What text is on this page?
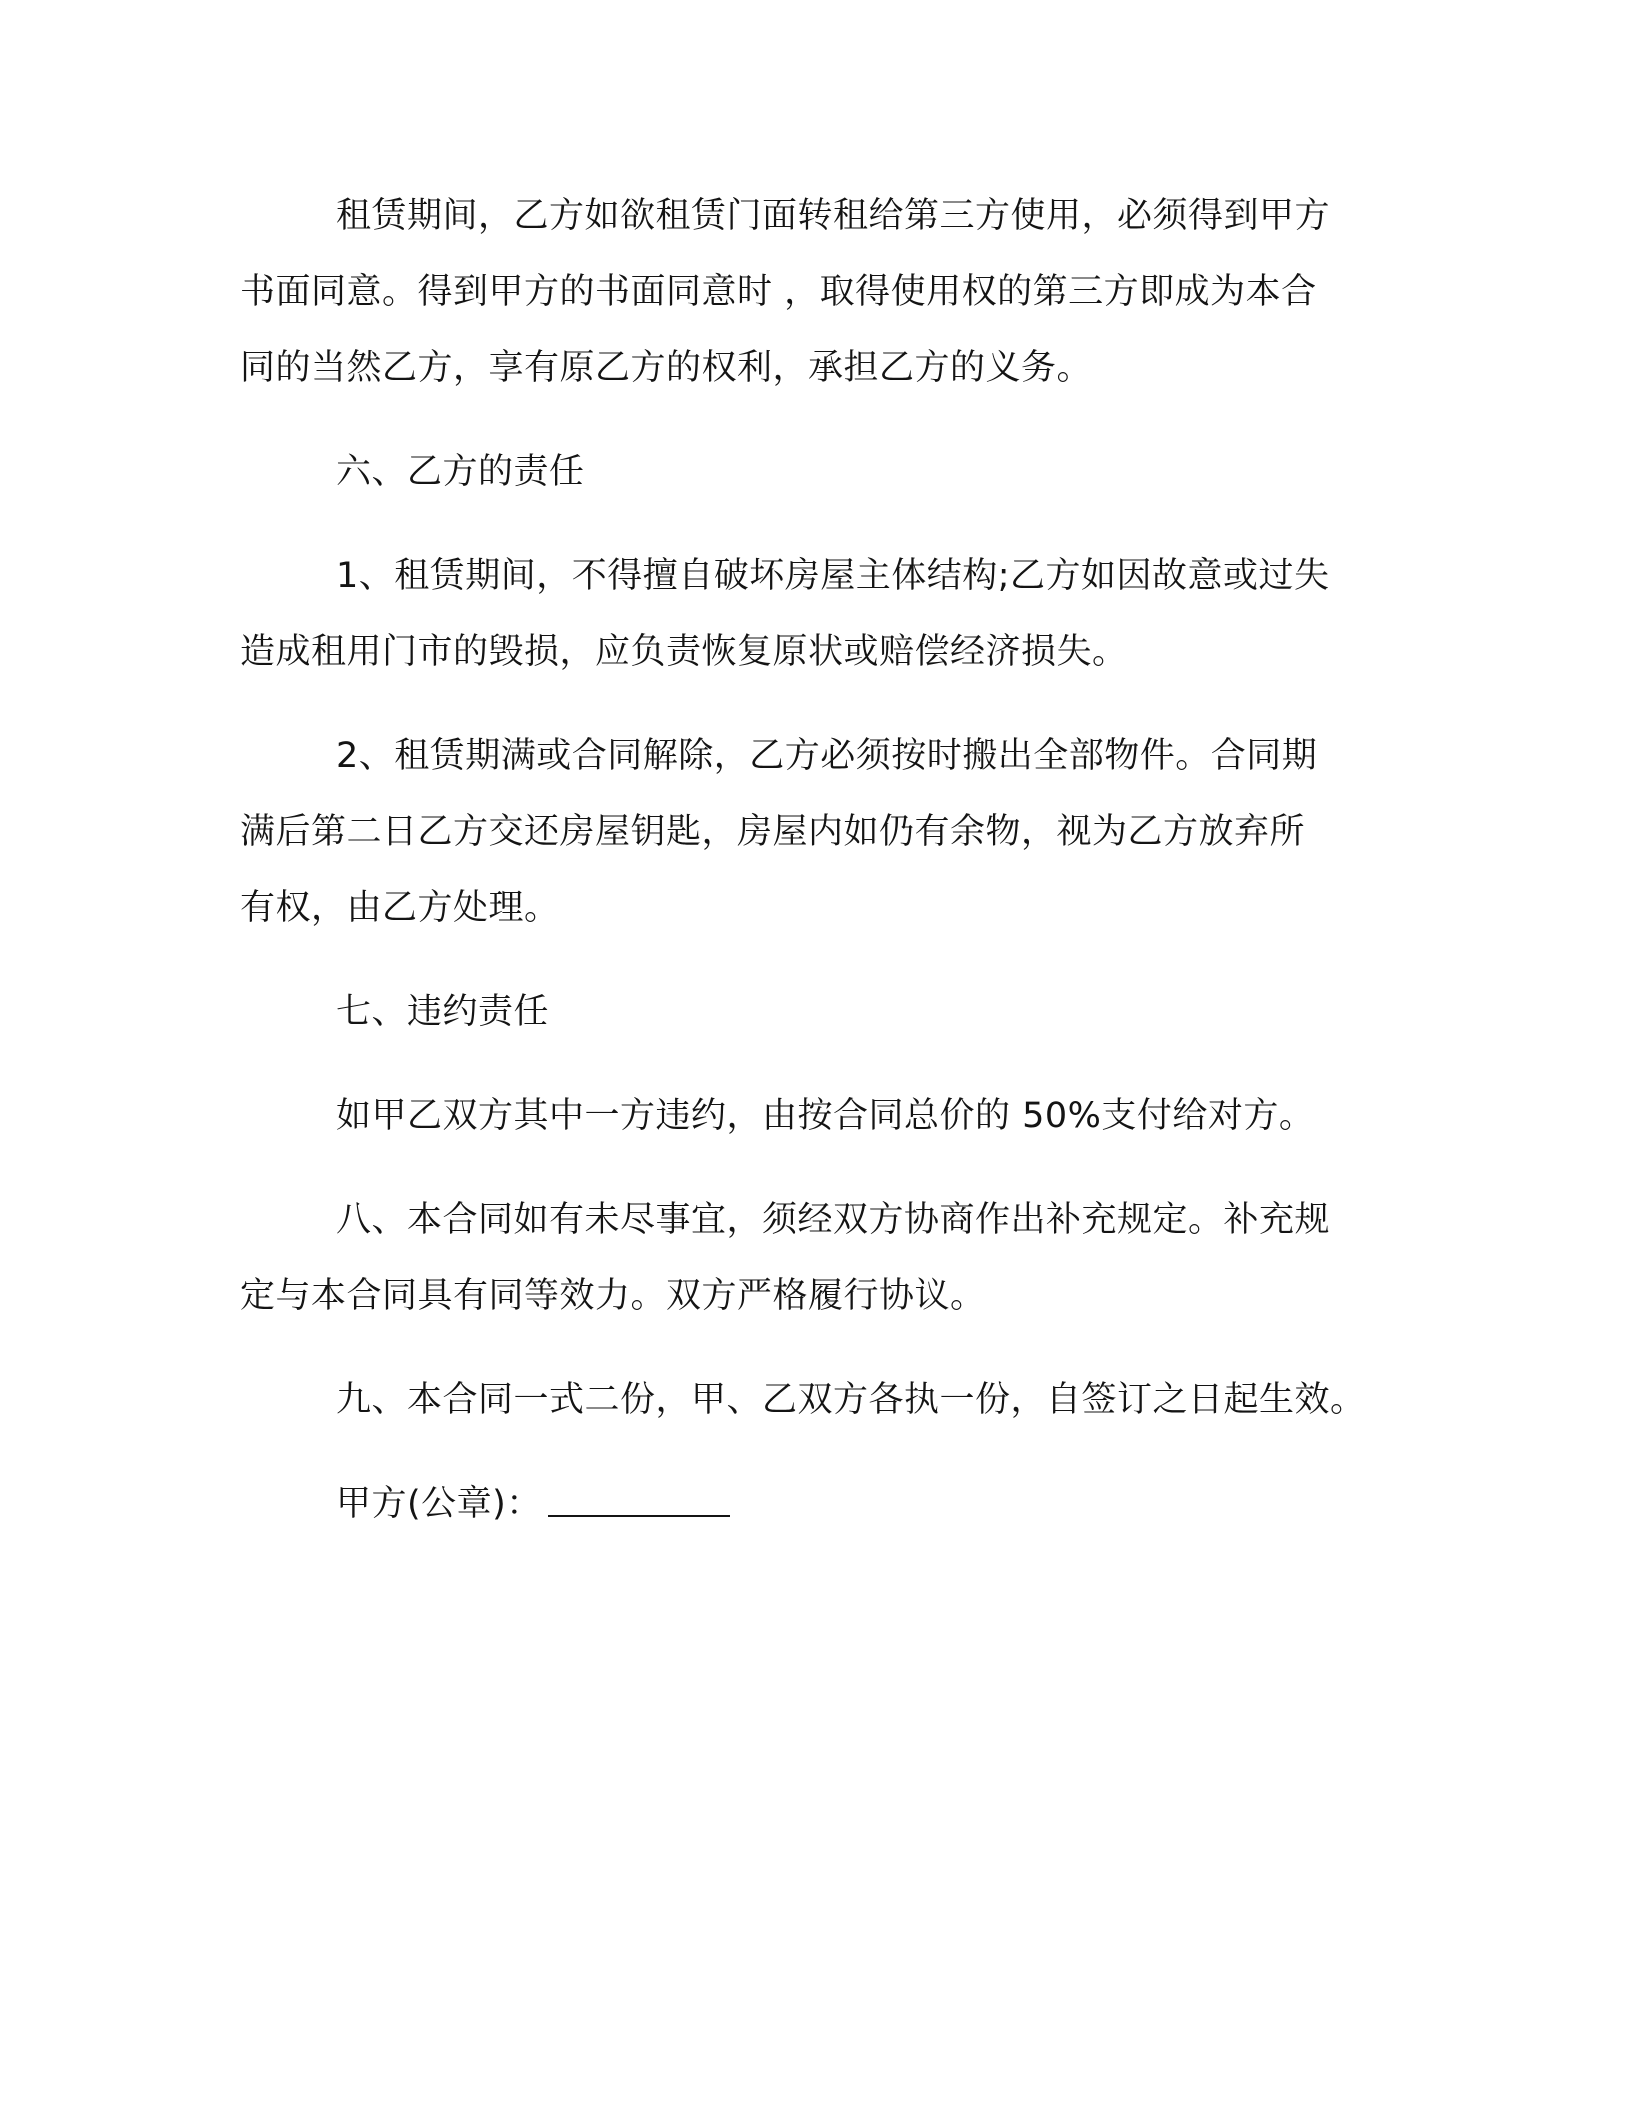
租赁期间，乙方如欲租赁门面转租给第三方使用，必须得到甲方
书面同意。得到甲方的书面同意时 ，取得使用权的第三方即成为本合
同的当然乙方，享有原乙方的权利，承担乙方的义务。
六、乙方的责任
1、租赁期间，不得擅自破坏房屋主体结构;乙方如因故意或过失
造成租用门市的毁损，应负责恢复原状或赔偿经济损失。
2、租赁期满或合同解除，乙方必须按时搬出全部物件。合同期
满后第二日乙方交还房屋钥匙，房屋内如仍有余物，视为乙方放弃所
有权，由乙方处理。
七、违约责任
如甲乙双方其中一方违约，由按合同总价的 50%支付给对方。
八、本合同如有未尽事宜，须经双方协商作出补充规定。补充规
定与本合同具有同等效力。双方严格履行协议。
九、本合同一式二份，甲、乙双方各执一份，自签订之日起生效。
甲方(公章)：
